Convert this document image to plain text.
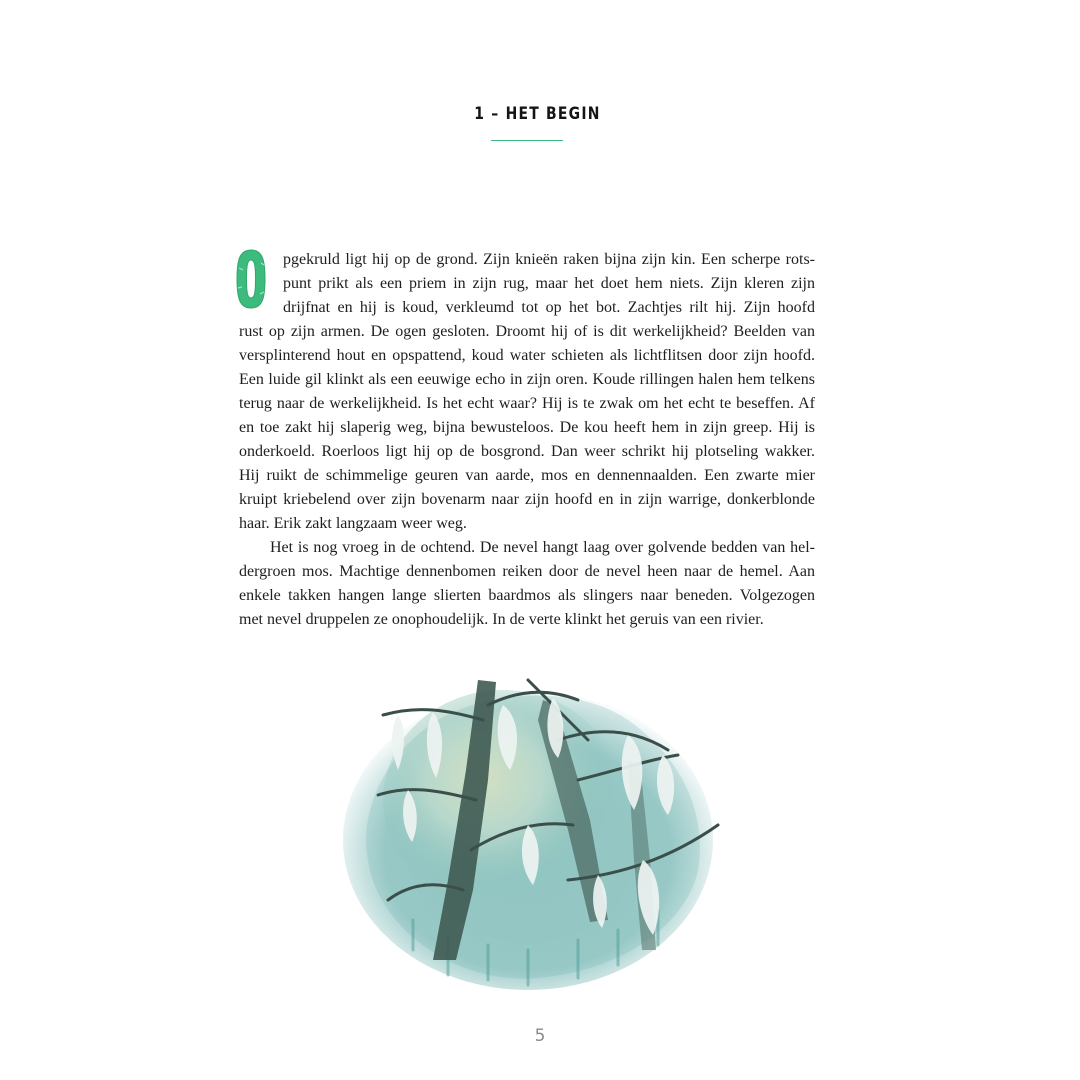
1 – HET BEGIN
pgekruld ligt hij op de grond. Zijn knieën raken bijna zijn kin. Een scherpe rots-
punt prikt als een priem in zijn rug, maar het doet hem niets. Zijn kleren zijn
drijfnat en hij is koud, verkleumd tot op het bot. Zachtjes rilt hij. Zijn hoofd
rust op zijn armen. De ogen gesloten. Droomt hij of is dit werkelijkheid? Beelden van
versplinterend hout en opspattend, koud water schieten als lichtflitsen door zijn hoofd.
Een luide gil klinkt als een eeuwige echo in zijn oren. Koude rillingen halen hem telkens
terug naar de werkelijkheid. Is het echt waar? Hij is te zwak om het echt te beseffen. Af
en toe zakt hij slaperig weg, bijna bewusteloos. De kou heeft hem in zijn greep. Hij is
onderkoeld. Roerloos ligt hij op de bosgrond. Dan weer schrikt hij plotseling wakker.
Hij ruikt de schimmelige geuren van aarde, mos en dennennaalden. Een zwarte mier
kruipt kriebelend over zijn bovenarm naar zijn hoofd en in zijn warrige, donkerblonde
haar. Erik zakt langzaam weer weg.
Het is nog vroeg in de ochtend. De nevel hangt laag over golvende bedden van hel-
dergroen mos. Machtige dennenbomen reiken door de nevel heen naar de hemel. Aan
enkele takken hangen lange slierten baardmos als slingers naar beneden. Volgezogen
met nevel druppelen ze onophoudelijk. In de verte klinkt het geruis van een rivier.
5
